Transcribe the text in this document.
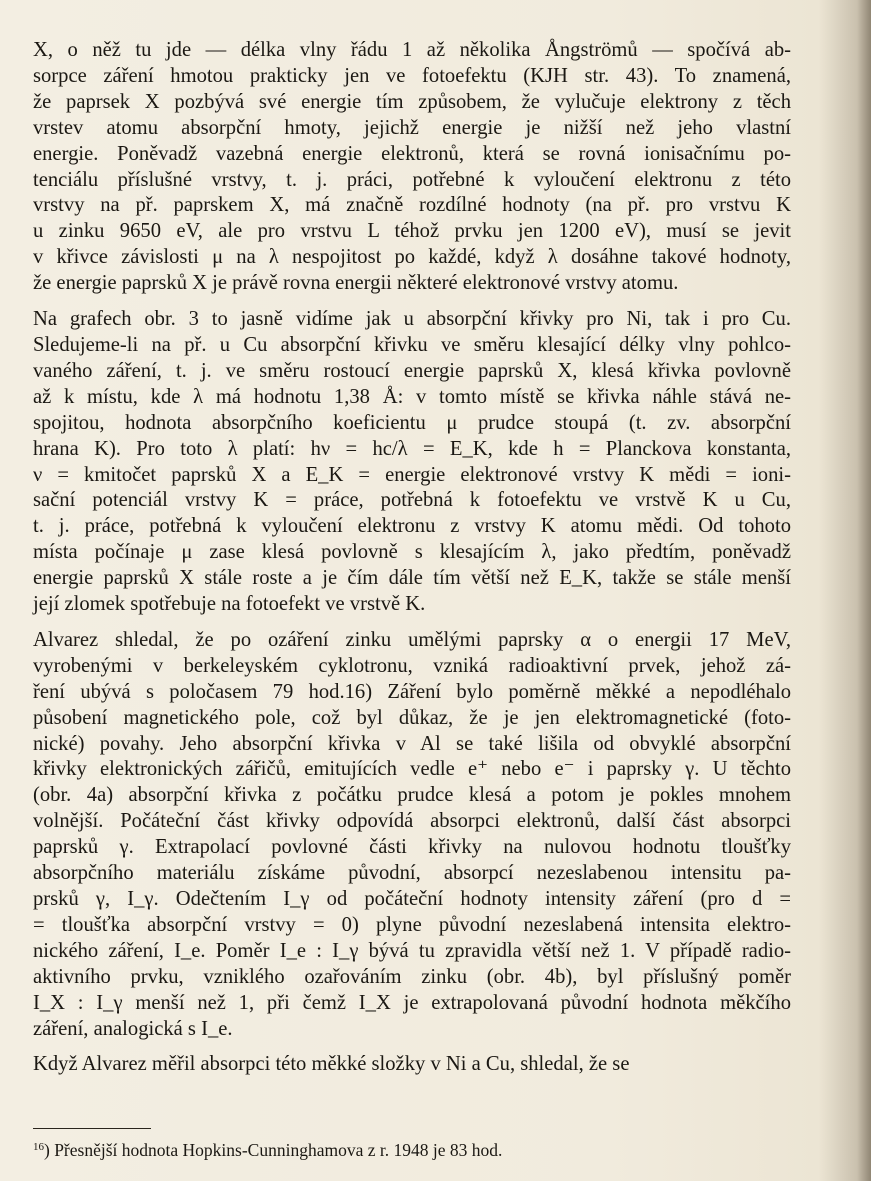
X, o něž tu jde — délka vlny řádu 1 až několika Ångströmů — spočívá ab-
sorpce záření hmotou prakticky jen ve fotoefektu (KJH str. 43). To znamená,
že paprsek X pozbývá své energie tím způsobem, že vylučuje elektrony z těch
vrstev atomu absorpční hmoty, jejichž energie je nižší než jeho vlastní
energie. Poněvadž vazebná energie elektronů, která se rovná ionisačnímu po-
tenciálu příslušné vrstvy, t. j. práci, potřebné k vyloučení elektronu z této
vrstvy na př. paprskem X, má značně rozdílné hodnoty (na př. pro vrstvu K
u zinku 9650 eV, ale pro vrstvu L téhož prvku jen 1200 eV), musí se jevit
v křivce závislosti μ na λ nespojitost po každé, když λ dosáhne takové hodnoty,
že energie paprsků X je právě rovna energii některé elektronové vrstvy atomu.
Na grafech obr. 3 to jasně vidíme jak u absorpční křivky pro Ni, tak i pro Cu.
Sledujeme-li na př. u Cu absorpční křivku ve směru klesající délky vlny pohlco-
vaného záření, t. j. ve směru rostoucí energie paprsků X, klesá křivka povlovně
až k místu, kde λ má hodnotu 1,38 Å: v tomto místě se křivka náhle stává ne-
spojitou, hodnota absorpčního koeficientu μ prudce stoupá (t. zv. absorpční
hrana K). Pro toto λ platí: hν = hc/λ = E_K, kde h = Planckova konstanta,
ν = kmitočet paprsků X a E_K = energie elektronové vrstvy K mědi = ioni-
sační potenciál vrstvy K = práce, potřebná k fotoefektu ve vrstvě K u Cu,
t. j. práce, potřebná k vyloučení elektronu z vrstvy K atomu mědi. Od tohoto
místa počínaje μ zase klesá povlovně s klesajícím λ, jako předtím, poněvadž
energie paprsků X stále roste a je čím dále tím větší než E_K, takže se stále menší
její zlomek spotřebuje na fotoefekt ve vrstvě K.
Alvarez shledal, že po ozáření zinku umělými paprsky α o energii 17 MeV,
vyrobenými v berkeleyském cyklotronu, vzniká radioaktivní prvek, jehož zá-
ření ubývá s poločasem 79 hod.16) Záření bylo poměrně měkké a nepodléhalo
působení magnetického pole, což byl důkaz, že je jen elektromagnetické (foto-
nické) povahy. Jeho absorpční křivka v Al se také lišila od obvyklé absorpční
křivky elektronických zářičů, emitujících vedle e⁺ nebo e⁻ i paprsky γ. U těchto
(obr. 4a) absorpční křivka z počátku prudce klesá a potom je pokles mnohem
volnější. Počáteční část křivky odpovídá absorpci elektronů, další část absorpci
paprsků γ. Extrapolací povlovné části křivky na nulovou hodnotu tloušťky
absorpčního materiálu získáme původní, absorpcí nezeslabenou intensitu pa-
prsků γ, I_γ. Odečtením I_γ od počáteční hodnoty intensity záření (pro d =
= tloušťka absorpční vrstvy = 0) plyne původní nezeslabená intensita elektro-
nického záření, I_e. Poměr I_e : I_γ bývá tu zpravidla větší než 1. V případě radio-
aktivního prvku, vzniklého ozařováním zinku (obr. 4b), byl příslušný poměr
I_X : I_γ menší než 1, při čemž I_X je extrapolovaná původní hodnota měkčího
záření, analogická s I_e.
Když Alvarez měřil absorpci této měkké složky v Ni a Cu, shledal, že se
$^{16}$) Přesnější hodnota Hopkins-Cunninghamova z r. 1948 je 83 hod.
